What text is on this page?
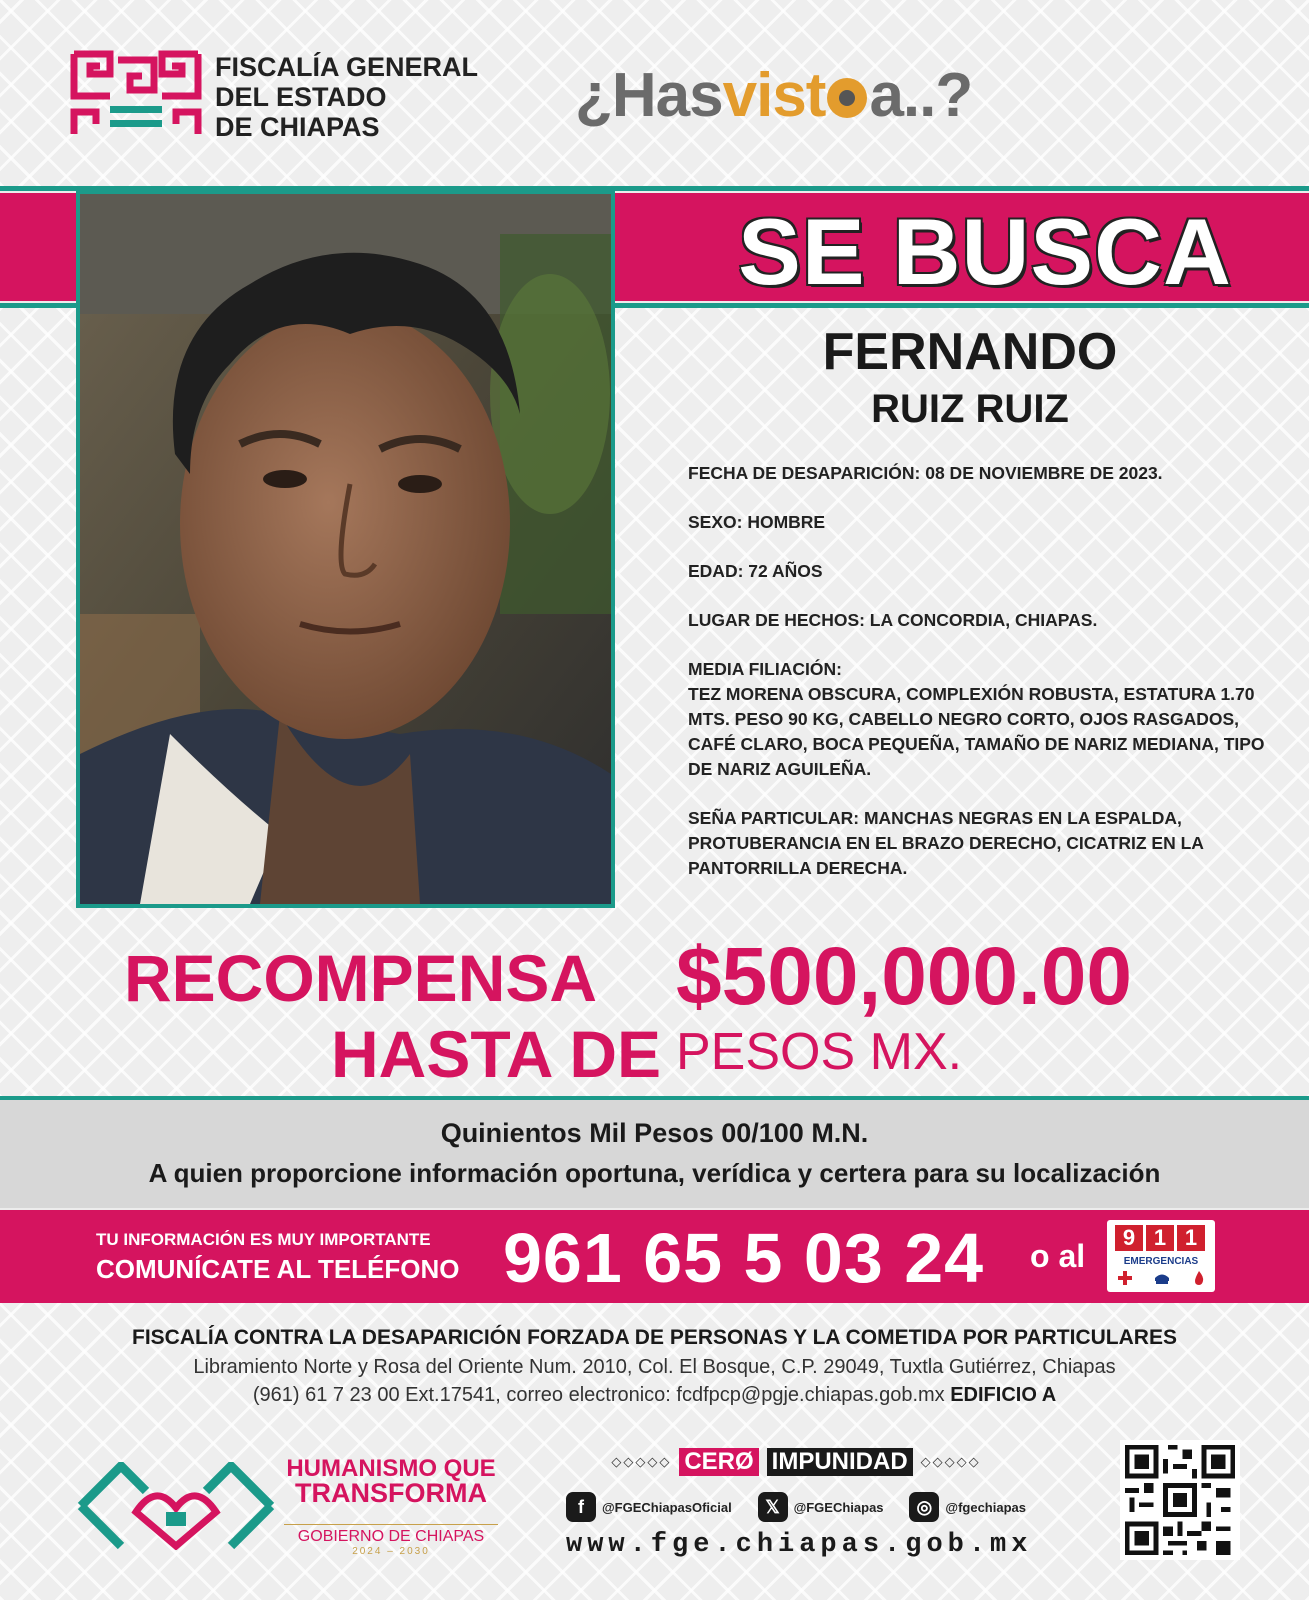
FISCALÍA GENERAL
DEL ESTADO
DE CHIAPAS	¿Hasvist a..?
SE BUSCA
FERNANDO
RUIZ RUIZ

FECHA DE DESAPARICIÓN: 08 DE NOVIEMBRE DE 2023.

SEXO: HOMBRE

EDAD: 72 AÑOS

LUGAR DE HECHOS: LA CONCORDIA, CHIAPAS.

MEDIA FILIACIÓN:

TEZ MORENA OBSCURA, COMPLEXIÓN ROBUSTA, ESTATURA 1.70 MTS. PESO 90 KG, CABELLO NEGRO CORTO, OJOS RASGADOS, CAFÉ CLARO, BOCA PEQUEÑA, TAMAÑO DE NARIZ MEDIANA, TIPO DE NARIZ AGUILEÑA.

SEÑA PARTICULAR: MANCHAS NEGRAS EN LA ESPALDA, PROTUBERANCIA EN EL BRAZO DERECHO, CICATRIZ EN LA PANTORRILLA DERECHA.

RECOMPENSA
HASTA DE
$500,000.00
PESOS MX.
Quinientos Mil Pesos 00/100 M.N.
A quien proporcione información oportuna, verídica y certera para su localización
TU INFORMACIÓN ES MUY IMPORTANTE
COMUNÍCATE AL TELÉFONO 961 65 5 03 24 o al
9 1 1
EMERGENCIAS
FISCALÍA CONTRA LA DESAPARICIÓN FORZADA DE PERSONAS Y LA COMETIDA POR PARTICULARES
Libramiento Norte y Rosa del Oriente Num. 2010, Col. El Bosque, C.P. 29049, Tuxtla Gutiérrez, Chiapas
(961) 61 7 23 00 Ext.17541, correo electronico: fcdfpcp@pgje.chiapas.gob.mx EDIFICIO A
HUMANISMO QUE
TRANSFORMA
GOBIERNO DE CHIAPAS
2024 – 2030
◇◇◇◇◇ CERØ IMPUNIDAD	◇◇◇◇◇
f	@FGEChiapasOficial	𝕏	@FGEChiapas	◎	@fgechiapas
www.fge.chiapas.gob.mx
